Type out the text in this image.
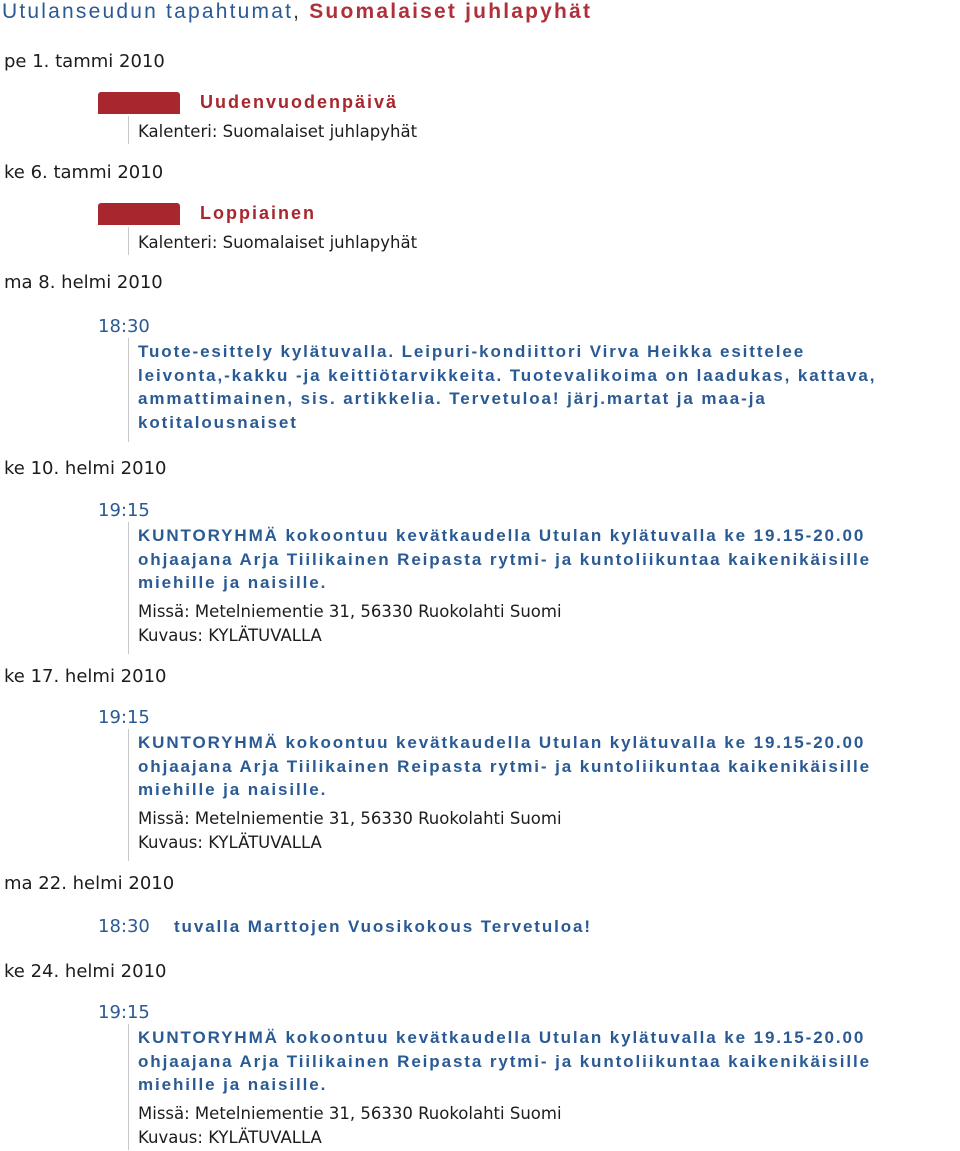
Utulanseudun tapahtumat, Suomalaiset juhlapyhät
pe 1. tammi 2010
Uudenvuodenpäivä
Kalenteri: Suomalaiset juhlapyhät
ke 6. tammi 2010
Loppiainen
Kalenteri: Suomalaiset juhlapyhät
ma 8. helmi 2010
18:30
Tuote-esittely kylätuvalla. Leipuri-kondiittori Virva Heikka esittelee
leivonta,-kakku -ja keittiötarvikkeita. Tuotevalikoima on laadukas, kattava,
ammattimainen, sis. artikkelia. Tervetuloa! järj.martat ja maa-ja
kotitalousnaiset
ke 10. helmi 2010
19:15
KUNTORYHMÄ kokoontuu kevätkaudella Utulan kylätuvalla ke 19.15-20.00
ohjaajana Arja Tiilikainen Reipasta rytmi- ja kuntoliikuntaa kaikenikäisille
miehille ja naisille.
Missä: Metelniementie 31, 56330 Ruokolahti Suomi
Kuvaus: KYLÄTUVALLA
ke 17. helmi 2010
19:15
KUNTORYHMÄ kokoontuu kevätkaudella Utulan kylätuvalla ke 19.15-20.00
ohjaajana Arja Tiilikainen Reipasta rytmi- ja kuntoliikuntaa kaikenikäisille
miehille ja naisille.
Missä: Metelniementie 31, 56330 Ruokolahti Suomi
Kuvaus: KYLÄTUVALLA
ma 22. helmi 2010
18:30 tuvalla Marttojen Vuosikokous Tervetuloa!
ke 24. helmi 2010
19:15
KUNTORYHMÄ kokoontuu kevätkaudella Utulan kylätuvalla ke 19.15-20.00
ohjaajana Arja Tiilikainen Reipasta rytmi- ja kuntoliikuntaa kaikenikäisille
miehille ja naisille.
Missä: Metelniementie 31, 56330 Ruokolahti Suomi
Kuvaus: KYLÄTUVALLA
